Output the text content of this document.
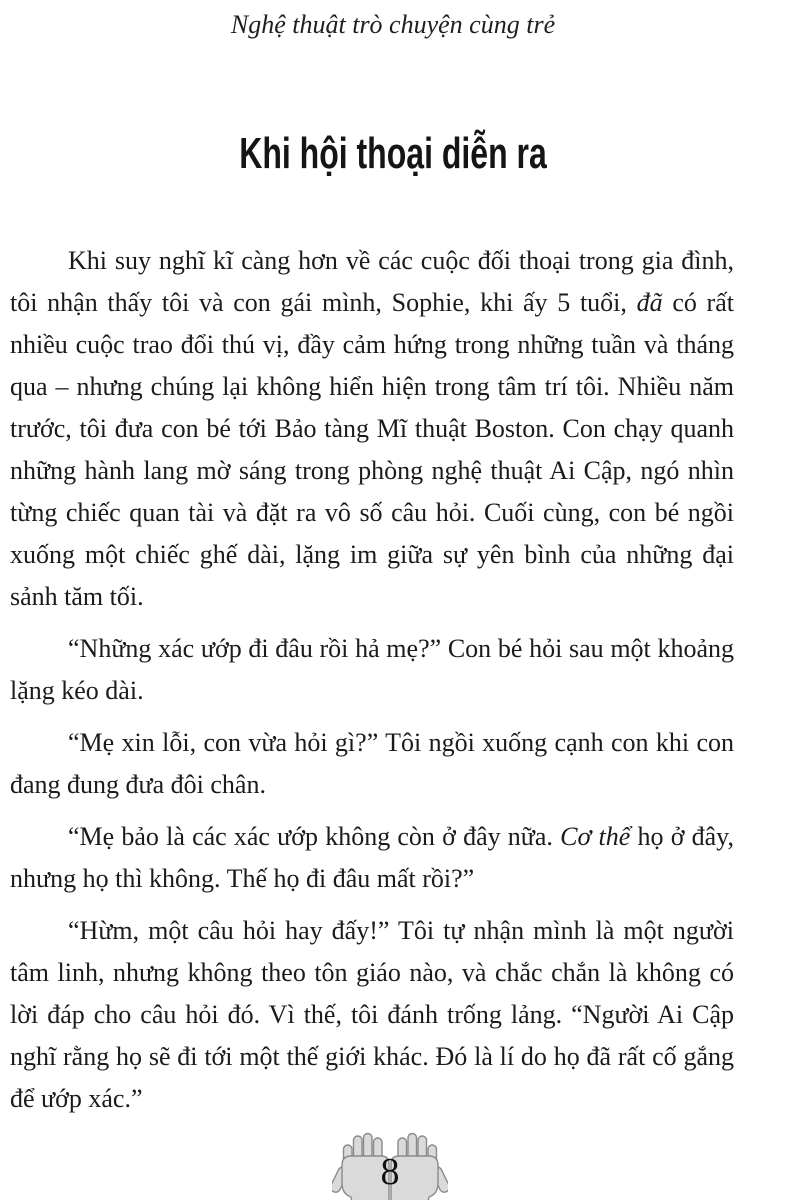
Nghệ thuật trò chuyện cùng trẻ
Khi hội thoại diễn ra

Khi suy nghĩ kĩ càng hơn về các cuộc đối thoại trong gia đình, tôi nhận thấy tôi và con gái mình, Sophie, khi ấy 5 tuổi, đã có rất nhiều cuộc trao đổi thú vị, đầy cảm hứng trong những tuần và tháng qua – nhưng chúng lại không hiển hiện trong tâm trí tôi. Nhiều năm trước, tôi đưa con bé tới Bảo tàng Mĩ thuật Boston. Con chạy quanh những hành lang mờ sáng trong phòng nghệ thuật Ai Cập, ngó nhìn từng chiếc quan tài và đặt ra vô số câu hỏi. Cuối cùng, con bé ngồi xuống một chiếc ghế dài, lặng im giữa sự yên bình của những đại sảnh tăm tối.

“Những xác ướp đi đâu rồi hả mẹ?” Con bé hỏi sau một khoảng lặng kéo dài.

“Mẹ xin lỗi, con vừa hỏi gì?” Tôi ngồi xuống cạnh con khi con đang đung đưa đôi chân.

“Mẹ bảo là các xác ướp không còn ở đây nữa. Cơ thể họ ở đây, nhưng họ thì không. Thế họ đi đâu mất rồi?”

“Hừm, một câu hỏi hay đấy!” Tôi tự nhận mình là một người tâm linh, nhưng không theo tôn giáo nào, và chắc chắn là không có lời đáp cho câu hỏi đó. Vì thế, tôi đánh trống lảng. “Người Ai Cập nghĩ rằng họ sẽ đi tới một thế giới khác. Đó là lí do họ đã rất cố gắng để ướp xác.”

8
